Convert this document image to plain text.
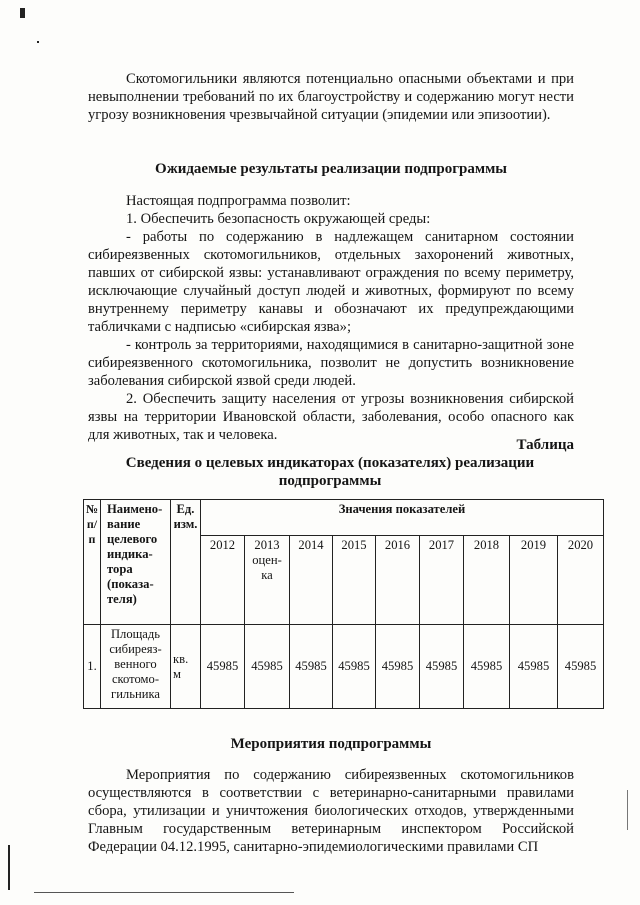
Скотомогильники являются потенциально опасными объектами и при невыполнении требований по их благоустройству и содержанию могут нести угрозу возникновения чрезвычайной ситуации (эпидемии или эпизоотии).

Ожидаемые результаты реализации подпрограммы

Настоящая подпрограмма позволит:

1. Обеспечить безопасность окружающей среды:

- работы по содержанию в надлежащем санитарном состоянии сибиреязвенных скотомогильников, отдельных захоронений животных, павших от сибирской язвы: устанавливают ограждения по всему периметру, исключающие случайный доступ людей и животных, формируют по всему внутреннему периметру канавы и обозначают их предупреждающими табличками с надписью «сибирская язва»;

- контроль за территориями, находящимися в санитарно-защитной зоне сибиреязвенного скотомогильника, позволит не допустить возникновение заболевания сибирской язвой среди людей.

2. Обеспечить защиту населения от угрозы возникновения сибирской язвы на территории Ивановской области, заболевания, особо опасного как для животных, так и человека.

Таблица

Сведения о целевых индикаторах (показателях) реализации подпрограммы

№ п/п	Наимено-вание целевого индика-тора (показа-теля)	Ед. изм.	Значения показателей								
			2012	2013 оцен-ка	2014	2015	2016	2017	2018	2019	2020
1.	Площадь сибиреяз-венного скотомо-гильника	кв. м	45985	45985	45985	45985	45985	45985	45985	45985	45985

Мероприятия подпрограммы

Мероприятия по содержанию сибиреязвенных скотомогильников осуществляются в соответствии с ветеринарно-санитарными правилами сбора, утилизации и уничтожения биологических отходов, утвержденными Главным государственным ветеринарным инспектором Российской Федерации 04.12.1995, санитарно-эпидемиологическими правилами СП
